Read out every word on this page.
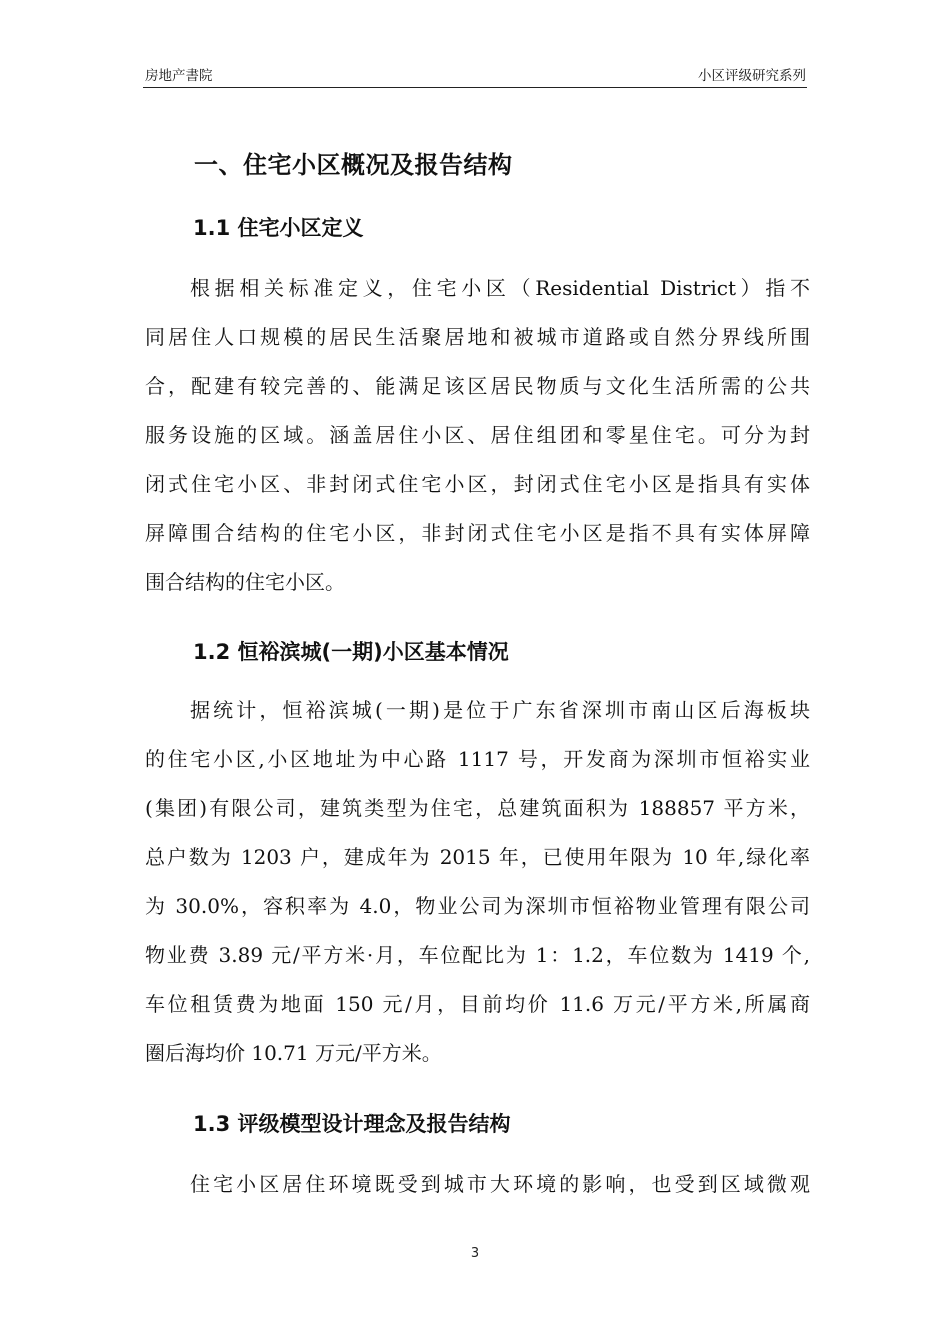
房地产書院	小区评级研究系列
一、住宅小区概况及报告结构
1.1 住宅小区定义
根据相关标准定义，住宅小区（Residential District）指不
同居住人口规模的居民生活聚居地和被城市道路或自然分界线所围
合，配建有较完善的、能满足该区居民物质与文化生活所需的公共
服务设施的区域。涵盖居住小区、居住组团和零星住宅。可分为封
闭式住宅小区、非封闭式住宅小区，封闭式住宅小区是指具有实体
屏障围合结构的住宅小区，非封闭式住宅小区是指不具有实体屏障
围合结构的住宅小区。
1.2 恒裕滨城(一期)小区基本情况
据统计，恒裕滨城(一期)是位于广东省深圳市南山区后海板块
的住宅小区,小区地址为中心路 1117 号，开发商为深圳市恒裕实业
(集团)有限公司，建筑类型为住宅，总建筑面积为 188857 平方米，
总户数为 1203 户，建成年为 2015 年，已使用年限为 10 年,绿化率
为 30.0%，容积率为 4.0，物业公司为深圳市恒裕物业管理有限公司
物业费 3.89 元/平方米·月，车位配比为 1：1.2，车位数为 1419 个,
车位租赁费为地面 150 元/月，目前均价 11.6 万元/平方米,所属商
圈后海均价 10.71 万元/平方米。
1.3 评级模型设计理念及报告结构
住宅小区居住环境既受到城市大环境的影响，也受到区域微观
3
